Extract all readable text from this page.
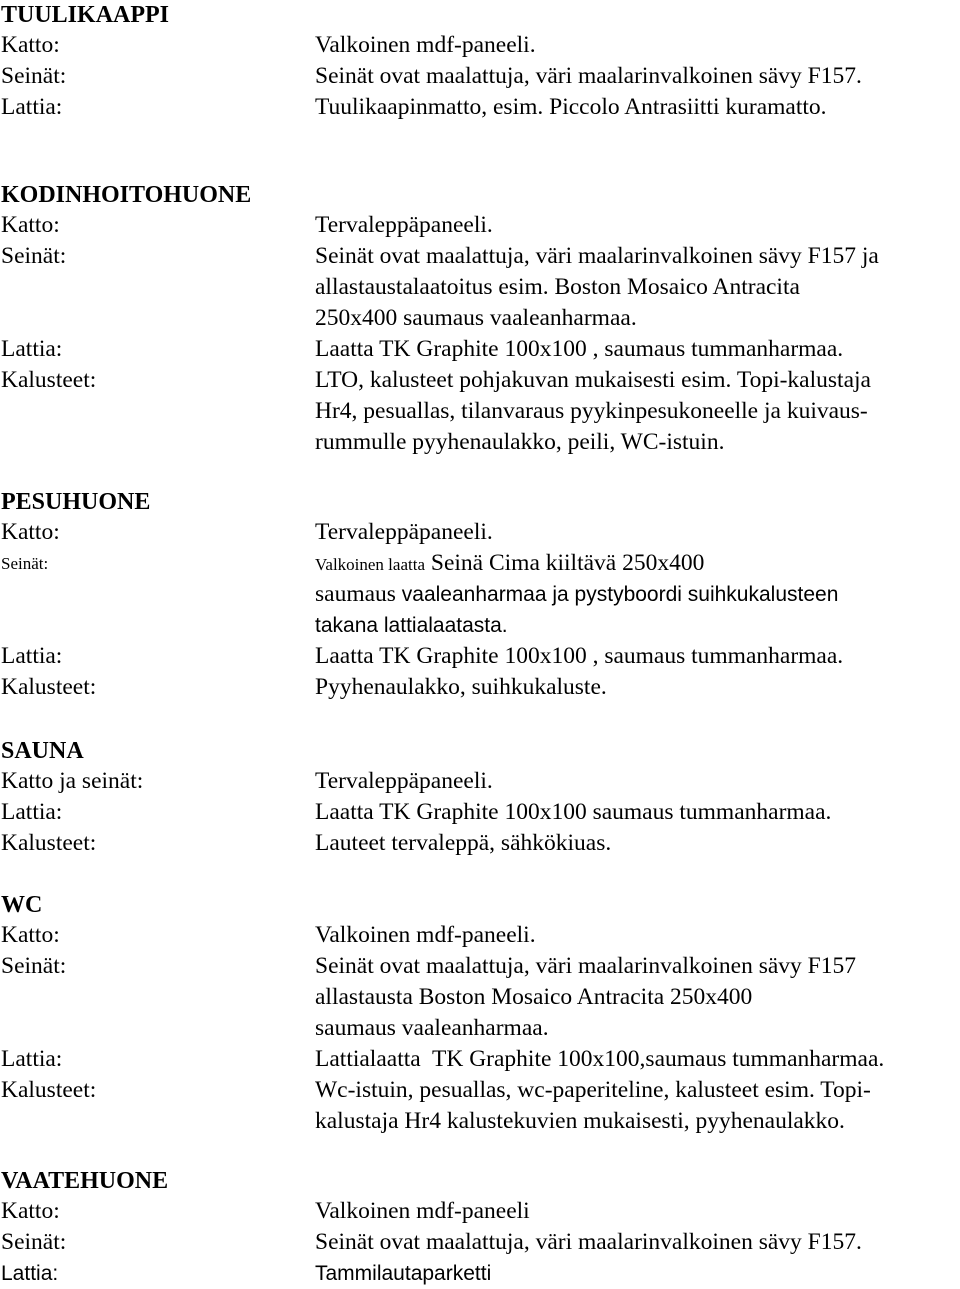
TUULIKAAPPI
Katto:	Valkoinen mdf-paneeli.
Seinät:	Seinät ovat maalattuja, väri maalarinvalkoinen sävy F157.
Lattia:	Tuulikaapinmatto, esim. Piccolo Antrasiitti kuramatto.
KODINHOITOHUONE
Katto:	Tervaleppäpaneeli.
Seinät:	Seinät ovat maalattuja, väri maalarinvalkoinen sävy F157 ja
allastaustalaatoitus esim. Boston Mosaico Antracita
250x400 saumaus vaaleanharmaa.
Lattia:	Laatta TK Graphite 100x100 , saumaus tummanharmaa.
Kalusteet:	LTO, kalusteet pohjakuvan mukaisesti esim. Topi-kalustaja
Hr4, pesuallas, tilanvaraus pyykinpesukoneelle ja kuivaus-
rummulle pyyhenaulakko, peili, WC-istuin.
PESUHUONE
Katto:	Tervaleppäpaneeli.
Seinät:	Valkoinen laatta Seinä Cima kiiltävä 250x400
saumaus vaaleanharmaa ja pystyboordi suihkukalusteen
takana lattialaatasta.
Lattia:	Laatta TK Graphite 100x100 , saumaus tummanharmaa.
Kalusteet:	Pyyhenaulakko, suihkukaluste.
SAUNA
Katto ja seinät:	Tervaleppäpaneeli.
Lattia:	Laatta TK Graphite 100x100 saumaus tummanharmaa.
Kalusteet:	Lauteet tervaleppä, sähkökiuas.
WC
Katto:	Valkoinen mdf-paneeli.
Seinät:	Seinät ovat maalattuja, väri maalarinvalkoinen sävy F157
allastausta Boston Mosaico Antracita 250x400
saumaus vaaleanharmaa.
Lattia:	Lattialaatta  TK Graphite 100x100,saumaus tummanharmaa.
Kalusteet:	Wc-istuin, pesuallas, wc-paperiteline, kalusteet esim. Topi-
kalustaja Hr4 kalustekuvien mukaisesti, pyyhenaulakko.
VAATEHUONE
Katto:	Valkoinen mdf-paneeli
Seinät:	Seinät ovat maalattuja, väri maalarinvalkoinen sävy F157.
Lattia:	Tammilautaparketti
